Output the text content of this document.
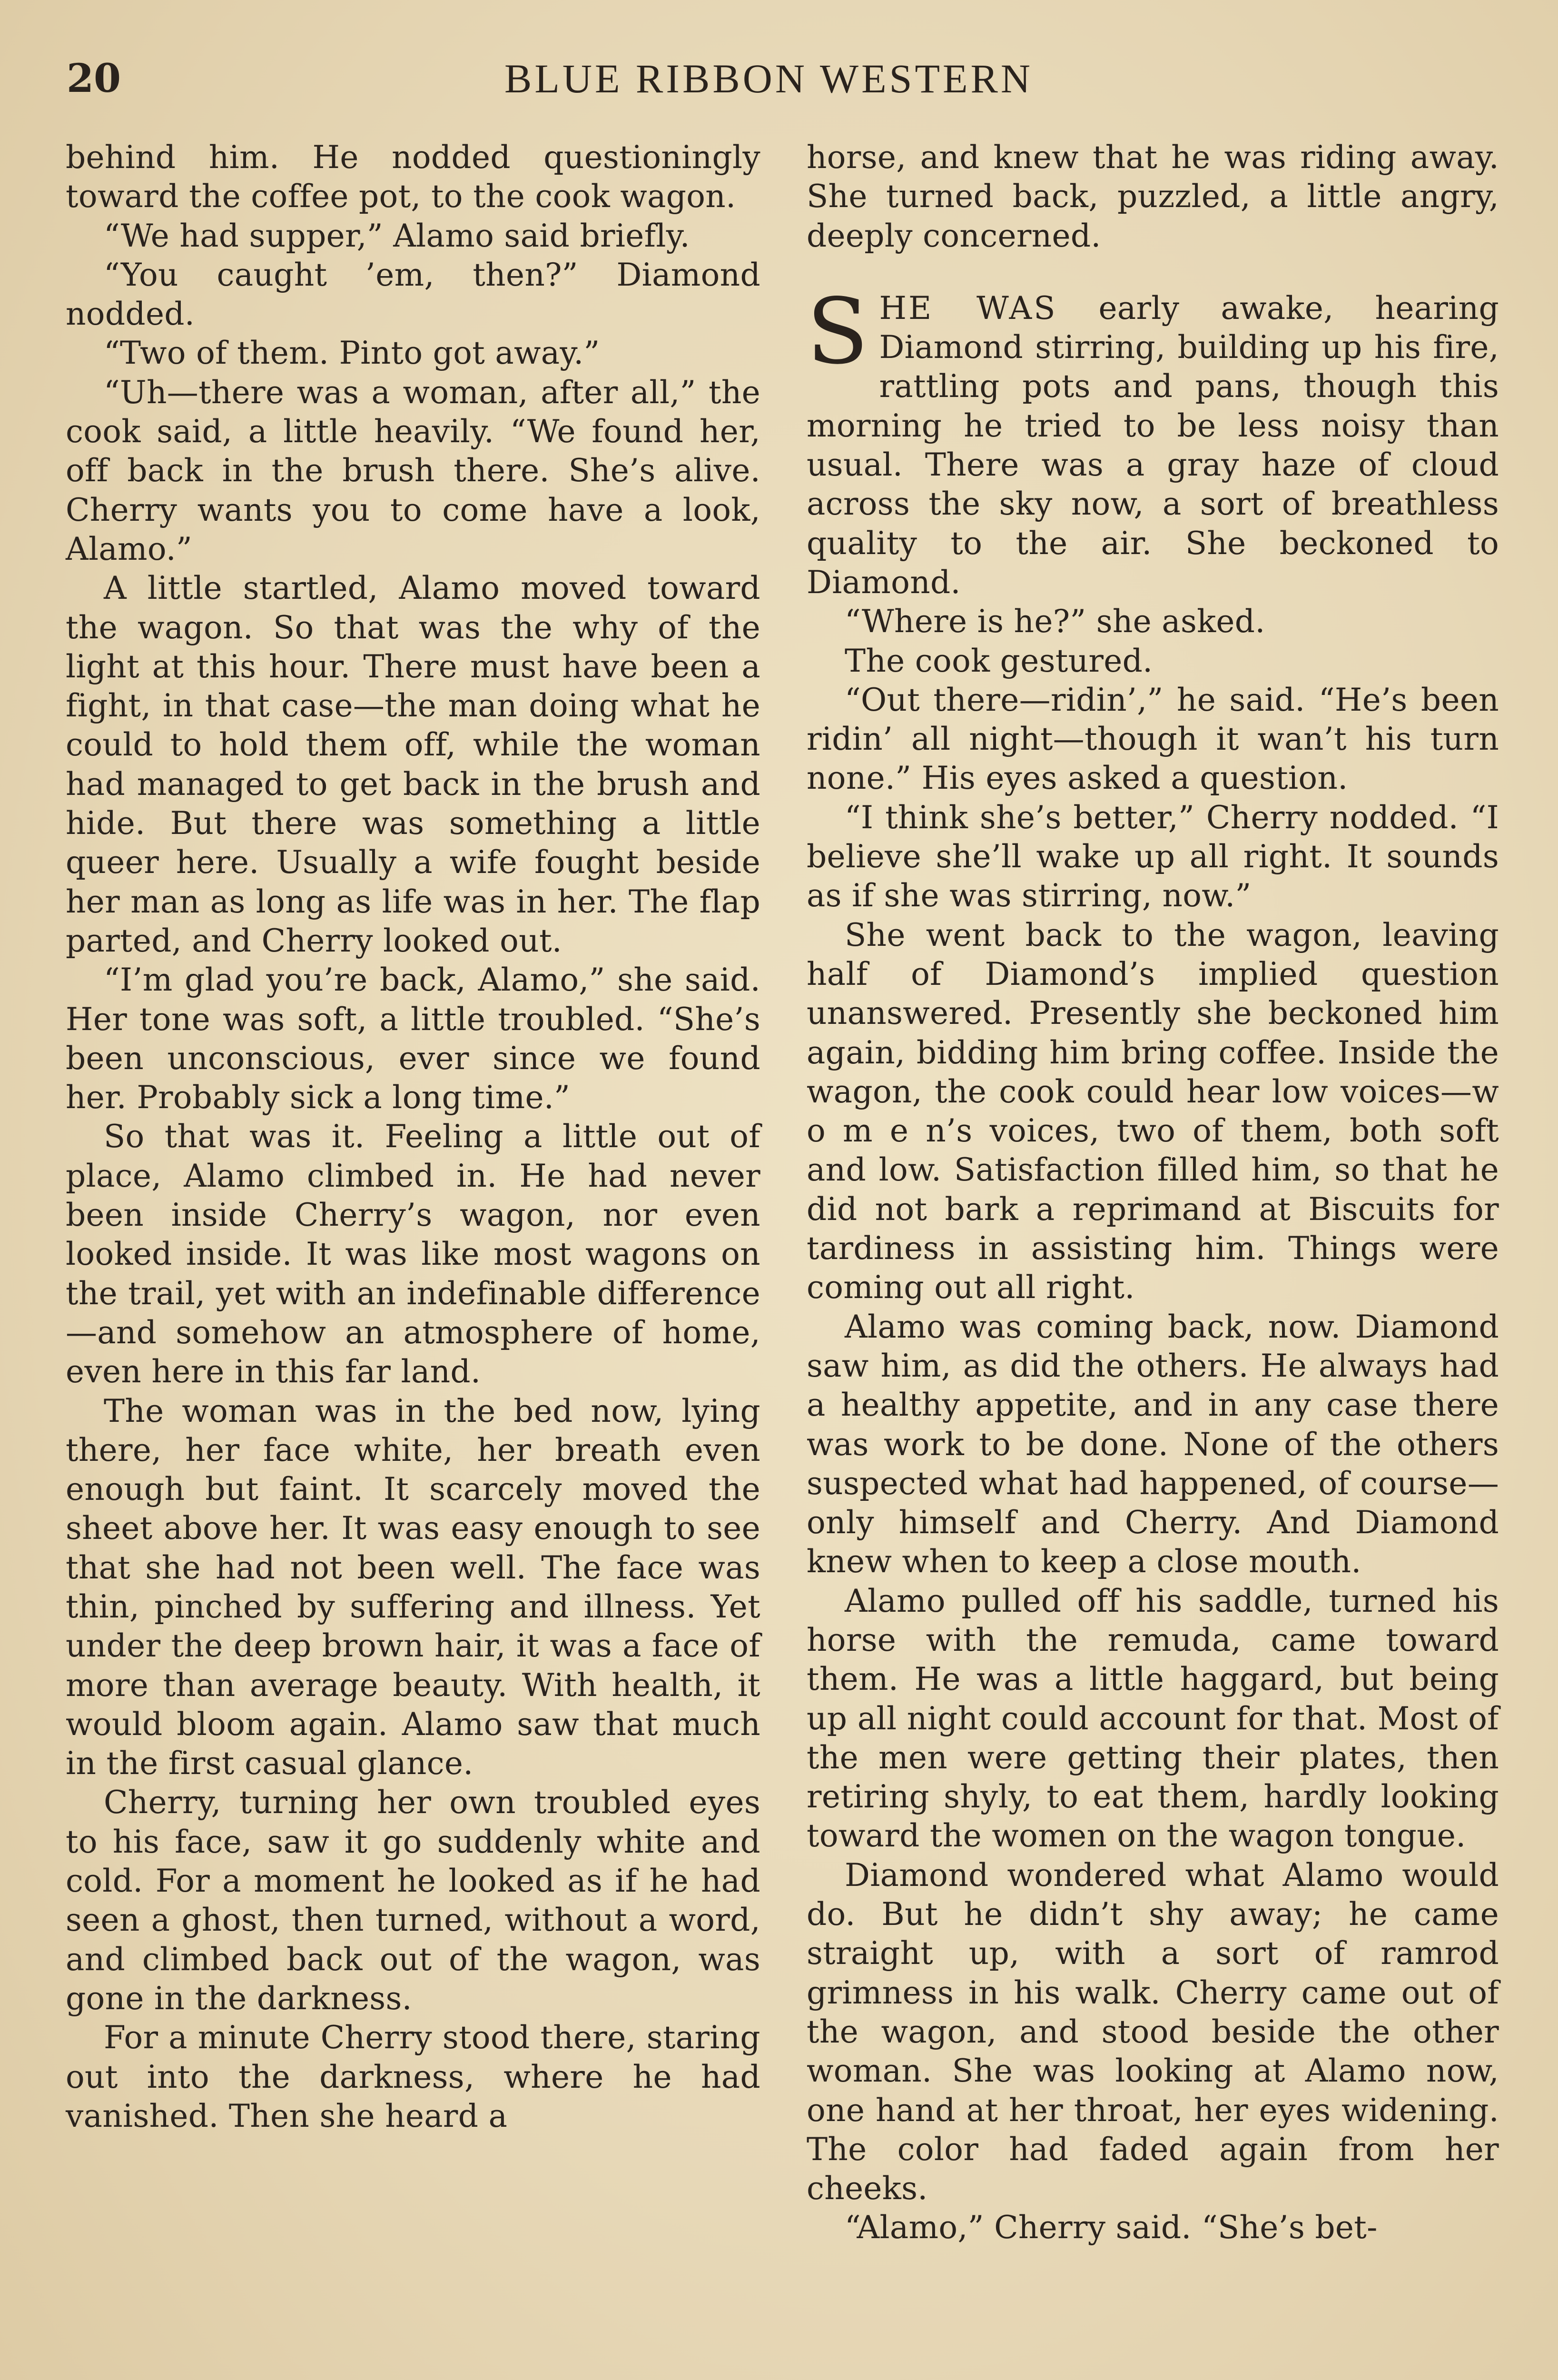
20	BLUE RIBBON WESTERN

behind him. He nodded questioningly toward the coffee pot, to the cook wagon.

“We had supper,” Alamo said briefly.

“You caught ’em, then?” Diamond nodded.

“Two of them. Pinto got away.”

“Uh—there was a woman, after all,” the cook said, a little heavily. “We found her, off back in the brush there. She’s alive. Cherry wants you to come have a look, Alamo.”

A little startled, Alamo moved toward the wagon. So that was the why of the light at this hour. There must have been a fight, in that case—the man doing what he could to hold them off, while the woman had managed to get back in the brush and hide. But there was something a little queer here. Usually a wife fought beside her man as long as life was in her. The flap parted, and Cherry looked out.

“I’m glad you’re back, Alamo,” she said. Her tone was soft, a little troubled. “She’s been unconscious, ever since we found her. Probably sick a long time.”

So that was it. Feeling a little out of place, Alamo climbed in. He had never been inside Cherry’s wagon, nor even looked inside. It was like most wagons on the trail, yet with an indefinable difference—and somehow an atmosphere of home, even here in this far land.

The woman was in the bed now, lying there, her face white, her breath even enough but faint. It scarcely moved the sheet above her. It was easy enough to see that she had not been well. The face was thin, pinched by suffering and illness. Yet under the deep brown hair, it was a face of more than average beauty. With health, it would bloom again. Alamo saw that much in the first casual glance.

Cherry, turning her own troubled eyes to his face, saw it go suddenly white and cold. For a moment he looked as if he had seen a ghost, then turned, without a word, and climbed back out of the wagon, was gone in the darkness.

For a minute Cherry stood there, staring out into the darkness, where he had vanished. Then she heard a

horse, and knew that he was riding away. She turned back, puzzled, a little angry, deeply concerned.

SHE WAS early awake, hearing Diamond stirring, building up his fire, rattling pots and pans, though this morning he tried to be less noisy than usual. There was a gray haze of cloud across the sky now, a sort of breathless quality to the air. She beckoned to Diamond.

“Where is he?” she asked.

The cook gestured.

“Out there—ridin’,” he said. “He’s been ridin’ all night—though it wan’t his turn none.” His eyes asked a question.

“I think she’s better,” Cherry nodded. “I believe she’ll wake up all right. It sounds as if she was stirring, now.”

She went back to the wagon, leaving half of Diamond’s implied question unanswered. Presently she beckoned him again, bidding him bring coffee. Inside the wagon, the cook could hear low voices—w o m e n’s voices, two of them, both soft and low. Satisfaction filled him, so that he did not bark a reprimand at Biscuits for tardiness in assisting him. Things were coming out all right.

Alamo was coming back, now. Diamond saw him, as did the others. He always had a healthy appetite, and in any case there was work to be done. None of the others suspected what had happened, of course—only himself and Cherry. And Diamond knew when to keep a close mouth.

Alamo pulled off his saddle, turned his horse with the remuda, came toward them. He was a little haggard, but being up all night could account for that. Most of the men were getting their plates, then retiring shyly, to eat them, hardly looking toward the women on the wagon tongue.

Diamond wondered what Alamo would do. But he didn’t shy away; he came straight up, with a sort of ramrod grimness in his walk. Cherry came out of the wagon, and stood beside the other woman. She was looking at Alamo now, one hand at her throat, her eyes widening. The color had faded again from her cheeks.

“Alamo,” Cherry said. “She’s bet-
